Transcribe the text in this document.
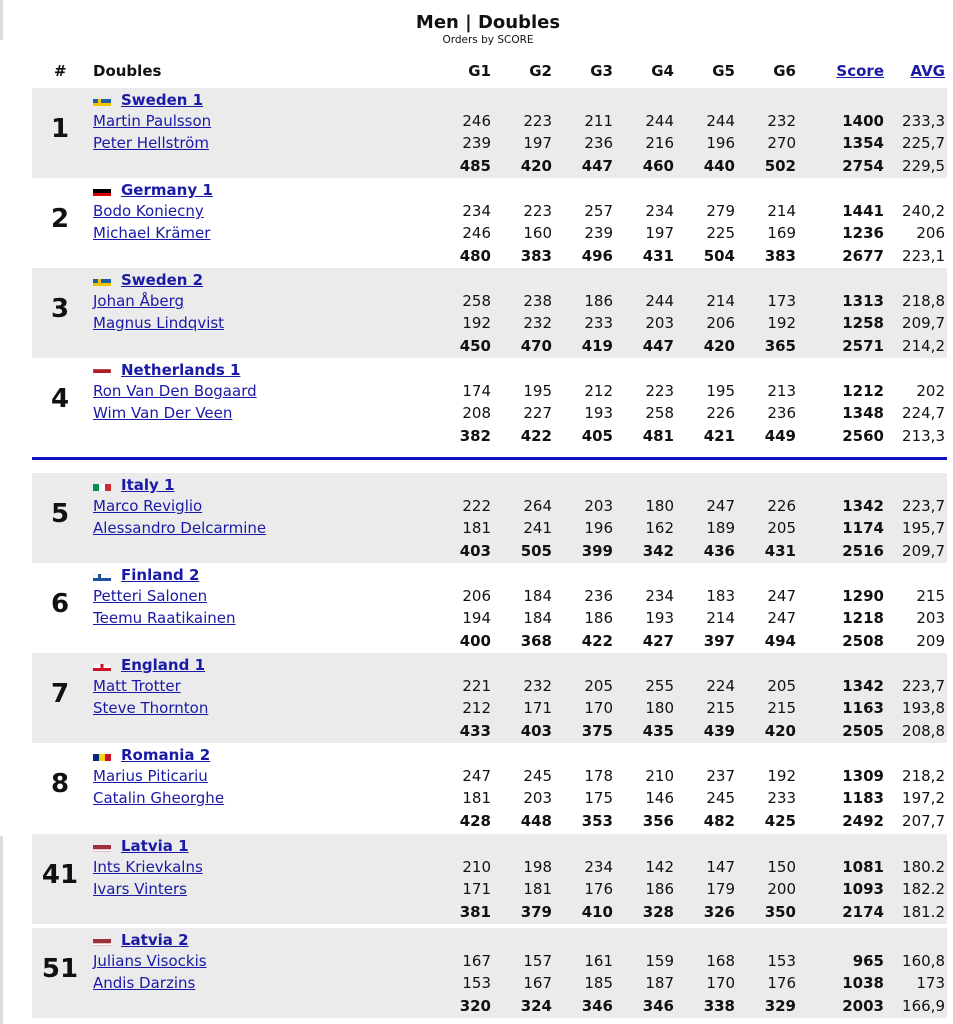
Men | Doubles
Orders by SCORE
# Doubles	G1	G2	G3	G4	G5	G6	Score	AVG
1
Sweden 1
Martin Paulsson	246	223	211	244	244	232	1400	233,3
Peter Hellström	239	197	236	216	196	270	1354	225,7
485	420	447	460	440	502	2754	229,5
2
Germany 1
Bodo Koniecny	234	223	257	234	279	214	1441	240,2
Michael Krämer	246	160	239	197	225	169	1236	206
480	383	496	431	504	383	2677	223,1
3
Sweden 2
Johan Åberg	258	238	186	244	214	173	1313	218,8
Magnus Lindqvist	192	232	233	203	206	192	1258	209,7
450	470	419	447	420	365	2571	214,2
4
Netherlands 1
Ron Van Den Bogaard	174	195	212	223	195	213	1212	202
Wim Van Der Veen	208	227	193	258	226	236	1348	224,7
382	422	405	481	421	449	2560	213,3
5
Italy 1
Marco Reviglio	222	264	203	180	247	226	1342	223,7
Alessandro Delcarmine	181	241	196	162	189	205	1174	195,7
403	505	399	342	436	431	2516	209,7
6
Finland 2
Petteri Salonen	206	184	236	234	183	247	1290	215
Teemu Raatikainen	194	184	186	193	214	247	1218	203
400	368	422	427	397	494	2508	209
7
England 1
Matt Trotter	221	232	205	255	224	205	1342	223,7
Steve Thornton	212	171	170	180	215	215	1163	193,8
433	403	375	435	439	420	2505	208,8
8
Romania 2
Marius Piticariu	247	245	178	210	237	192	1309	218,2
Catalin Gheorghe	181	203	175	146	245	233	1183	197,2
428	448	353	356	482	425	2492	207,7
41
Latvia 1
Ints Krievkalns	210	198	234	142	147	150	1081	180.2
Ivars Vinters	171	181	176	186	179	200	1093	182.2
381	379	410	328	326	350	2174	181.2
51
Latvia 2
Julians Visockis	167	157	161	159	168	153	965	160,8
Andis Darzins	153	167	185	187	170	176	1038	173
320	324	346	346	338	329	2003	166,9
